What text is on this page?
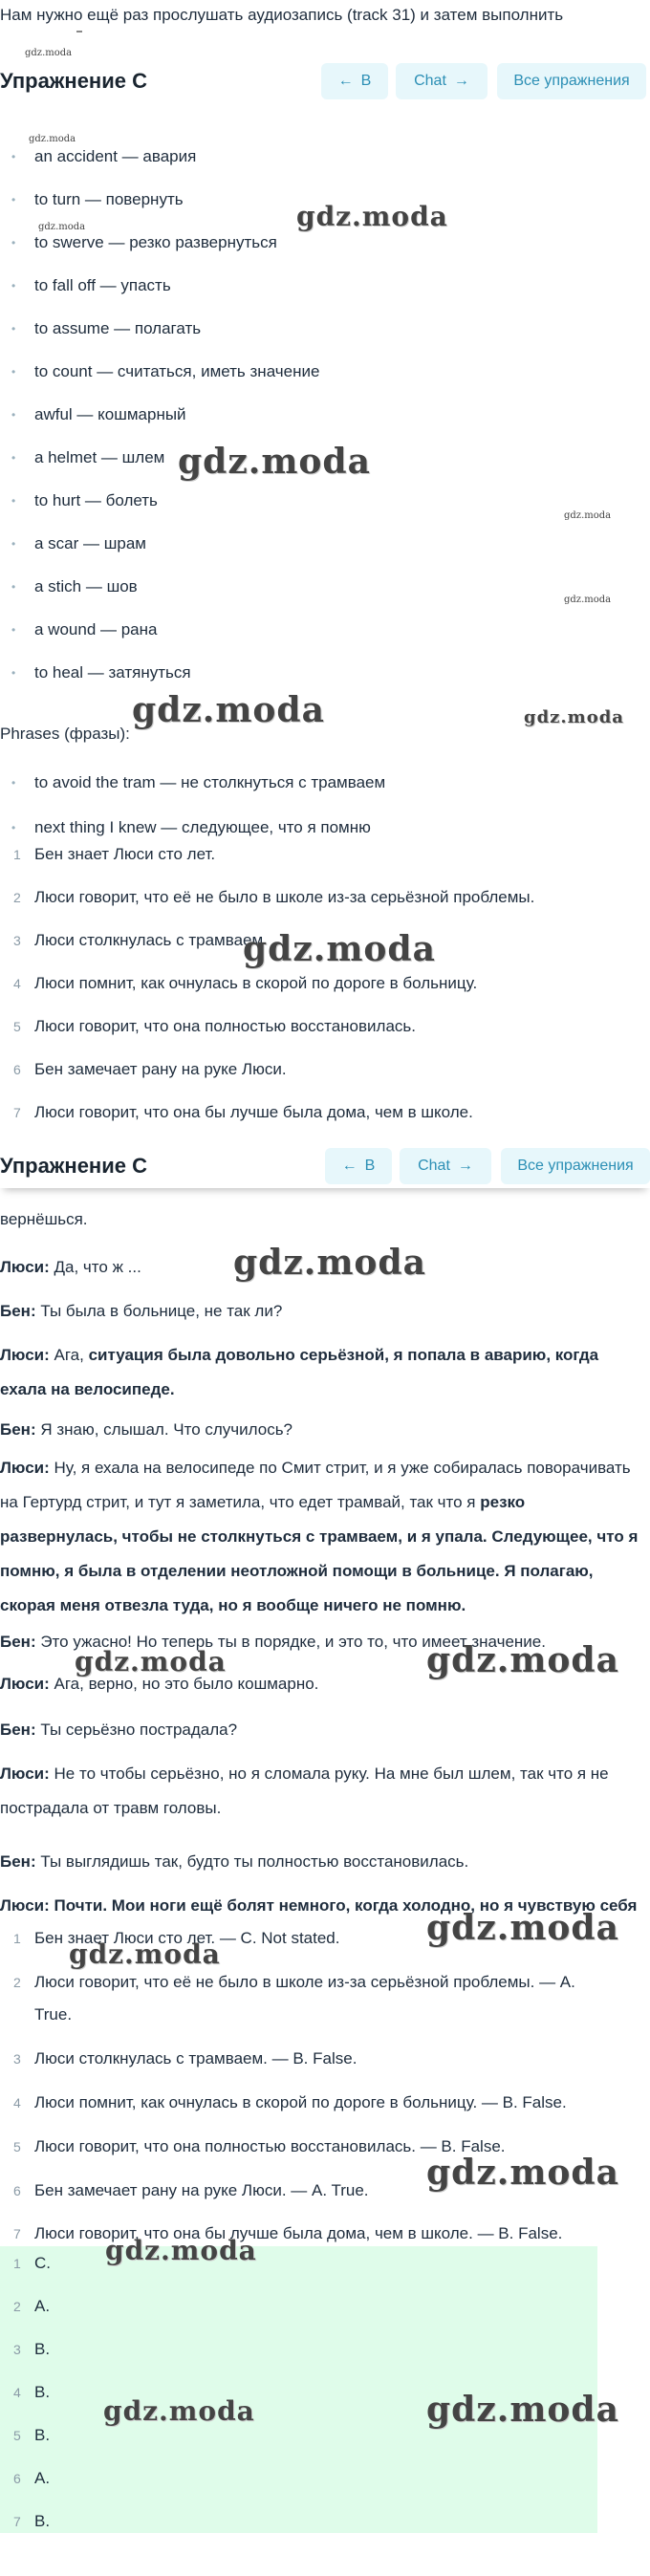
Нам нужно ещё раз прослушать аудиозапись (track 31) и затем выполнить
gdz.moda
Упражнение C	← B	Chat →	Все упражнения
gdz.moda
• an accident — авария
• to turn — повернуть
gdz.moda
• to swerve — резко развернуться
gdz.moda
• to fall off — упасть
• to assume — полагать
• to count — считаться, иметь значение
• awful — кошмарный
• a helmet — шлем gdz.moda
• to hurt — болеть
gdz.moda
• a scar — шрам
• a stich — шов
gdz.moda
• a wound — рана
• to heal — затянуться
gdz.moda	gdz.moda
Phrases (фразы):
• to avoid the tram — не столкнуться с трамваем
• next thing I knew — следующее, что я помню
1 Бен знает Люси сто лет.
2 Люси говорит, что её не было в школе из-за серьёзной проблемы.
3 Люси столкнулась с трамваем.
gdz.moda
4 Люси помнит, как очнулась в скорой по дороге в больницу.
5 Люси говорит, что она полностью восстановилась.
6 Бен замечает рану на руке Люси.
7 Люси говорит, что она бы лучше была дома, чем в школе.
Упражнение C	← B	Chat →	Все упражнения
вернёшься.
gdz.moda
Люси: Да, что ж ...
Бен: Ты была в больнице, не так ли?
Люси: Ага, ситуация была довольно серьёзной, я попала в аварию, когда ехала на велосипеде.
Бен: Я знаю, слышал. Что случилось?
Люси: Ну, я ехала на велосипеде по Смит стрит, и я уже собиралась поворачивать на Гертурд стрит, и тут я заметила, что едет трамвай, так что я резко развернулась, чтобы не столкнуться с трамваем, и я упала. Следующее, что я помню, я была в отделении неотложной помощи в больнице. Я полагаю, скорая меня отвезла туда, но я вообще ничего не помню.
Бен: Это ужасно! Но теперь ты в порядке, и это то, что имеет значение.
gdz.moda	gdz.moda
Люси: Ага, верно, но это было кошмарно.
Бен: Ты серьёзно пострадала?
Люси: Не то чтобы серьёзно, но я сломала руку. На мне был шлем, так что я не пострадала от травм головы.
Бен: Ты выглядишь так, будто ты полностью восстановилась.
Люси: Почти. Мои ноги ещё болят немного, когда холодно, но я чувствую себя
gdz.moda
1 Бен знает Люси сто лет. — C. Not stated.
gdz.moda
2 Люси говорит, что её не было в школе из-за серьёзной проблемы. — A.
True.
3 Люси столкнулась с трамваем. — B. False.
4 Люси помнит, как очнулась в скорой по дороге в больницу. — B. False.
5 Люси говорит, что она полностью восстановилась. — B. False.
gdz.moda
6 Бен замечает рану на руке Люси. — A. True.
7 Люси говорит, что она бы лучше была дома, чем в школе. — B. False.
gdz.moda
1 C.
2 A.
3 B.
4 B.
gdz.moda	gdz.moda
5 B.
6 A.
7 B.
